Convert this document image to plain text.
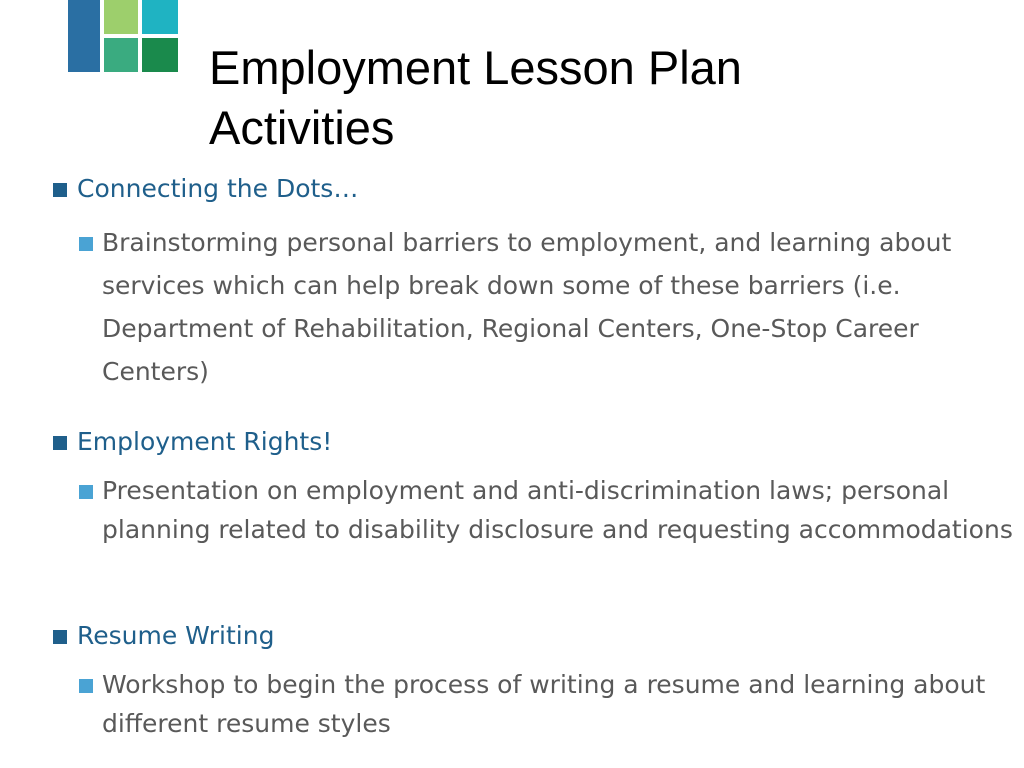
Employment Lesson Plan
Activities
Connecting the Dots…

Brainstorming personal barriers to employment, and learning about services which can help break down some of these barriers (i.e. Department of Rehabilitation, Regional Centers, One-Stop Career Centers)

Employment Rights!

Presentation on employment and anti-discrimination laws; personal planning related to disability disclosure and requesting accommodations

Resume Writing

Workshop to begin the process of writing a resume and learning about different resume styles
